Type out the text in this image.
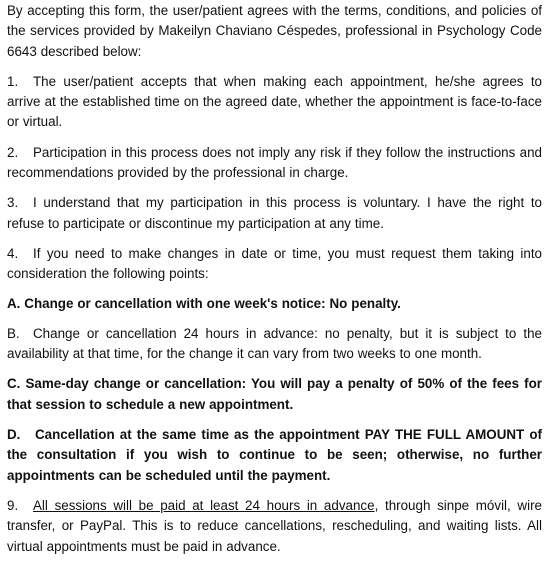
By accepting this form, the user/patient agrees with the terms, conditions, and policies of the services provided by Makeilyn Chaviano Céspedes, professional in Psychology Code 6643 described below:

1. The user/patient accepts that when making each appointment, he/she agrees to arrive at the established time on the agreed date, whether the appointment is face-to-face or virtual.

2. Participation in this process does not imply any risk if they follow the instructions and recommendations provided by the professional in charge.

3. I understand that my participation in this process is voluntary. I have the right to refuse to participate or discontinue my participation at any time.

4. If you need to make changes in date or time, you must request them taking into consideration the following points:

A. Change or cancellation with one week's notice: No penalty.

B. Change or cancellation 24 hours in advance: no penalty, but it is subject to the availability at that time, for the change it can vary from two weeks to one month.

C. Same-day change or cancellation: You will pay a penalty of 50% of the fees for that session to schedule a new appointment.

D. Cancellation at the same time as the appointment PAY THE FULL AMOUNT of the consultation if you wish to continue to be seen; otherwise, no further appointments can be scheduled until the payment.

9. All sessions will be paid at least 24 hours in advance, through sinpe móvil, wire transfer, or PayPal. This is to reduce cancellations, rescheduling, and waiting lists. All virtual appointments must be paid in advance.
